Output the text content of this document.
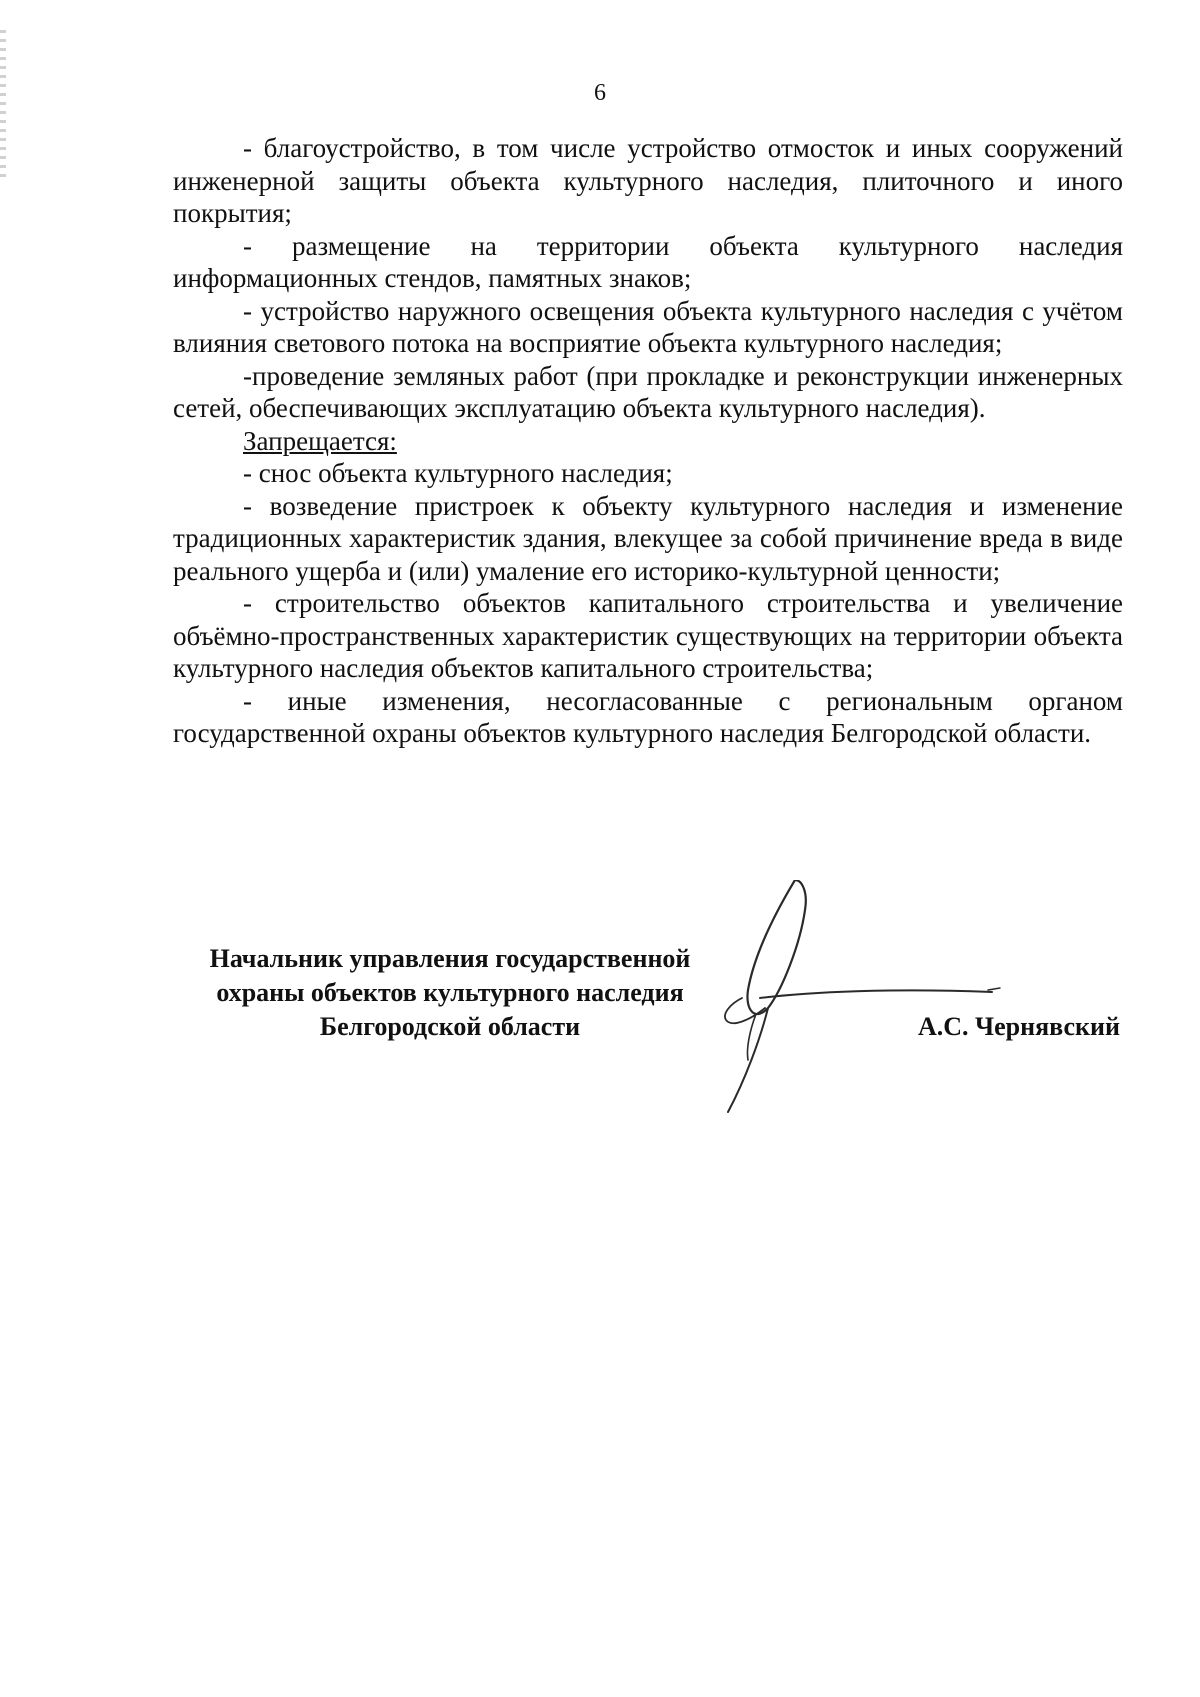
6

- благоустройство, в том числе устройство отмосток и иных сооружений инженерной защиты объекта культурного наследия, плиточного и иного покрытия;

- размещение на территории объекта культурного наследия информационных стендов, памятных знаков;

- устройство наружного освещения объекта культурного наследия с учётом влияния светового потока на восприятие объекта культурного наследия;

-проведение земляных работ (при прокладке и реконструкции инженерных сетей, обеспечивающих эксплуатацию объекта культурного наследия).

Запрещается:

- снос объекта культурного наследия;

- возведение пристроек к объекту культурного наследия и изменение традиционных характеристик здания, влекущее за собой причинение вреда в виде реального ущерба и (или) умаление его историко-культурной ценности;

- строительство объектов капитального строительства и увеличение объёмно-пространственных характеристик существующих на территории объекта культурного наследия объектов капитального строительства;

- иные изменения, несогласованные с региональным органом государственной охраны объектов культурного наследия Белгородской области.

Начальник управления государственной
охраны объектов культурного наследия
Белгородской области	А.С. Чернявский
